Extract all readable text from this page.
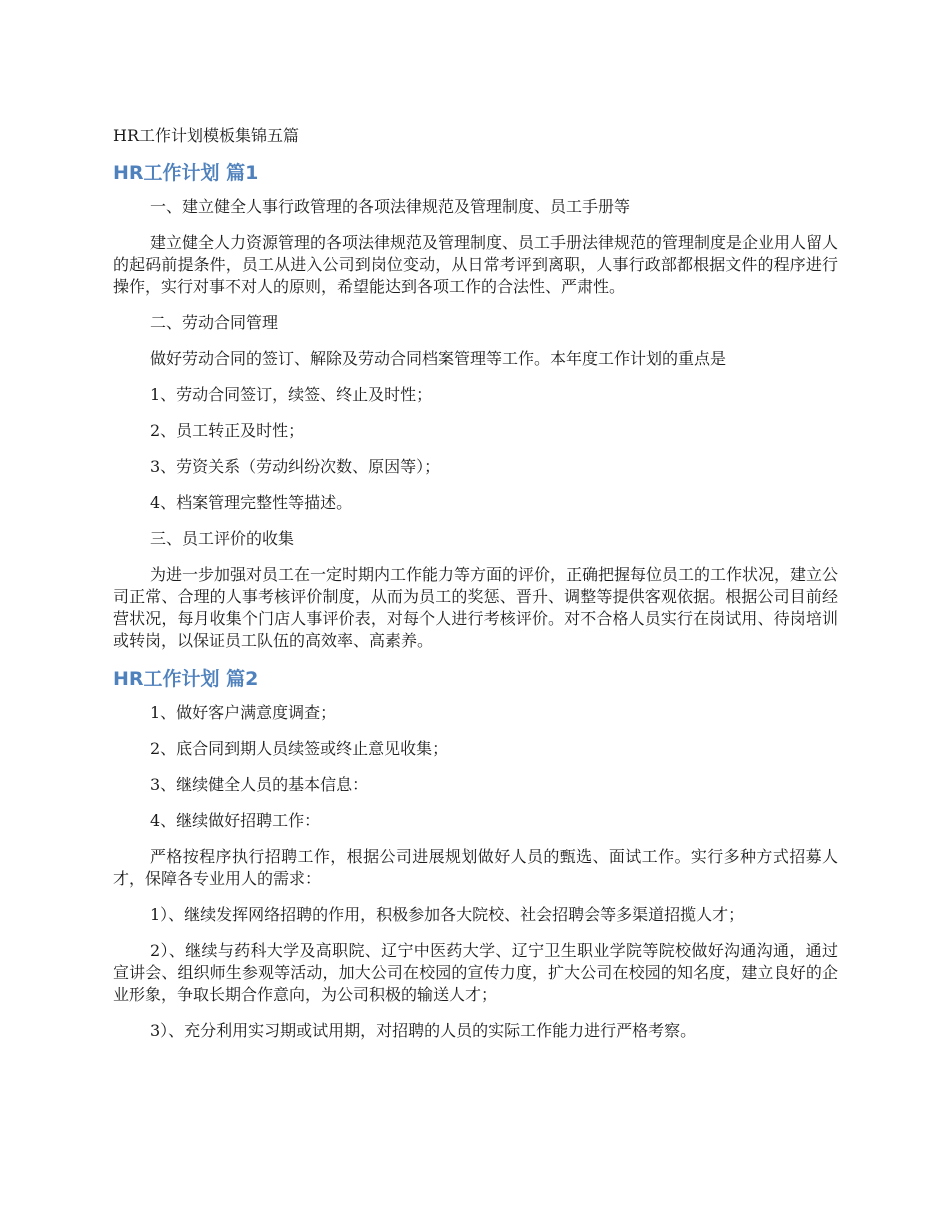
HR工作计划模板集锦五篇
HR工作计划 篇1

一、建立健全人事行政管理的各项法律规范及管理制度、员工手册等

建立健全人力资源管理的各项法律规范及管理制度、员工手册法律规范的管理制度是企业用人留人的起码前提条件，员工从进入公司到岗位变动，从日常考评到离职，人事行政部都根据文件的程序进行操作，实行对事不对人的原则，希望能达到各项工作的合法性、严肃性。

二、劳动合同管理

做好劳动合同的签订、解除及劳动合同档案管理等工作。本年度工作计划的重点是

1、劳动合同签订，续签、终止及时性；

2、员工转正及时性；

3、劳资关系（劳动纠纷次数、原因等）；

4、档案管理完整性等描述。

三、员工评价的收集

为进一步加强对员工在一定时期内工作能力等方面的评价，正确把握每位员工的工作状况，建立公司正常、合理的人事考核评价制度，从而为员工的奖惩、晋升、调整等提供客观依据。根据公司目前经营状况，每月收集个门店人事评价表，对每个人进行考核评价。对不合格人员实行在岗试用、待岗培训或转岗，以保证员工队伍的高效率、高素养。

HR工作计划 篇2

1、做好客户满意度调查；

2、底合同到期人员续签或终止意见收集；

3、继续健全人员的基本信息：

4、继续做好招聘工作：

严格按程序执行招聘工作，根据公司进展规划做好人员的甄选、面试工作。实行多种方式招募人才，保障各专业用人的需求：

1）、继续发挥网络招聘的作用，积极参加各大院校、社会招聘会等多渠道招揽人才；

2）、继续与药科大学及高职院、辽宁中医药大学、辽宁卫生职业学院等院校做好沟通沟通，通过宣讲会、组织师生参观等活动，加大公司在校园的宣传力度，扩大公司在校园的知名度，建立良好的企业形象，争取长期合作意向，为公司积极的输送人才；

3）、充分利用实习期或试用期，对招聘的人员的实际工作能力进行严格考察。
